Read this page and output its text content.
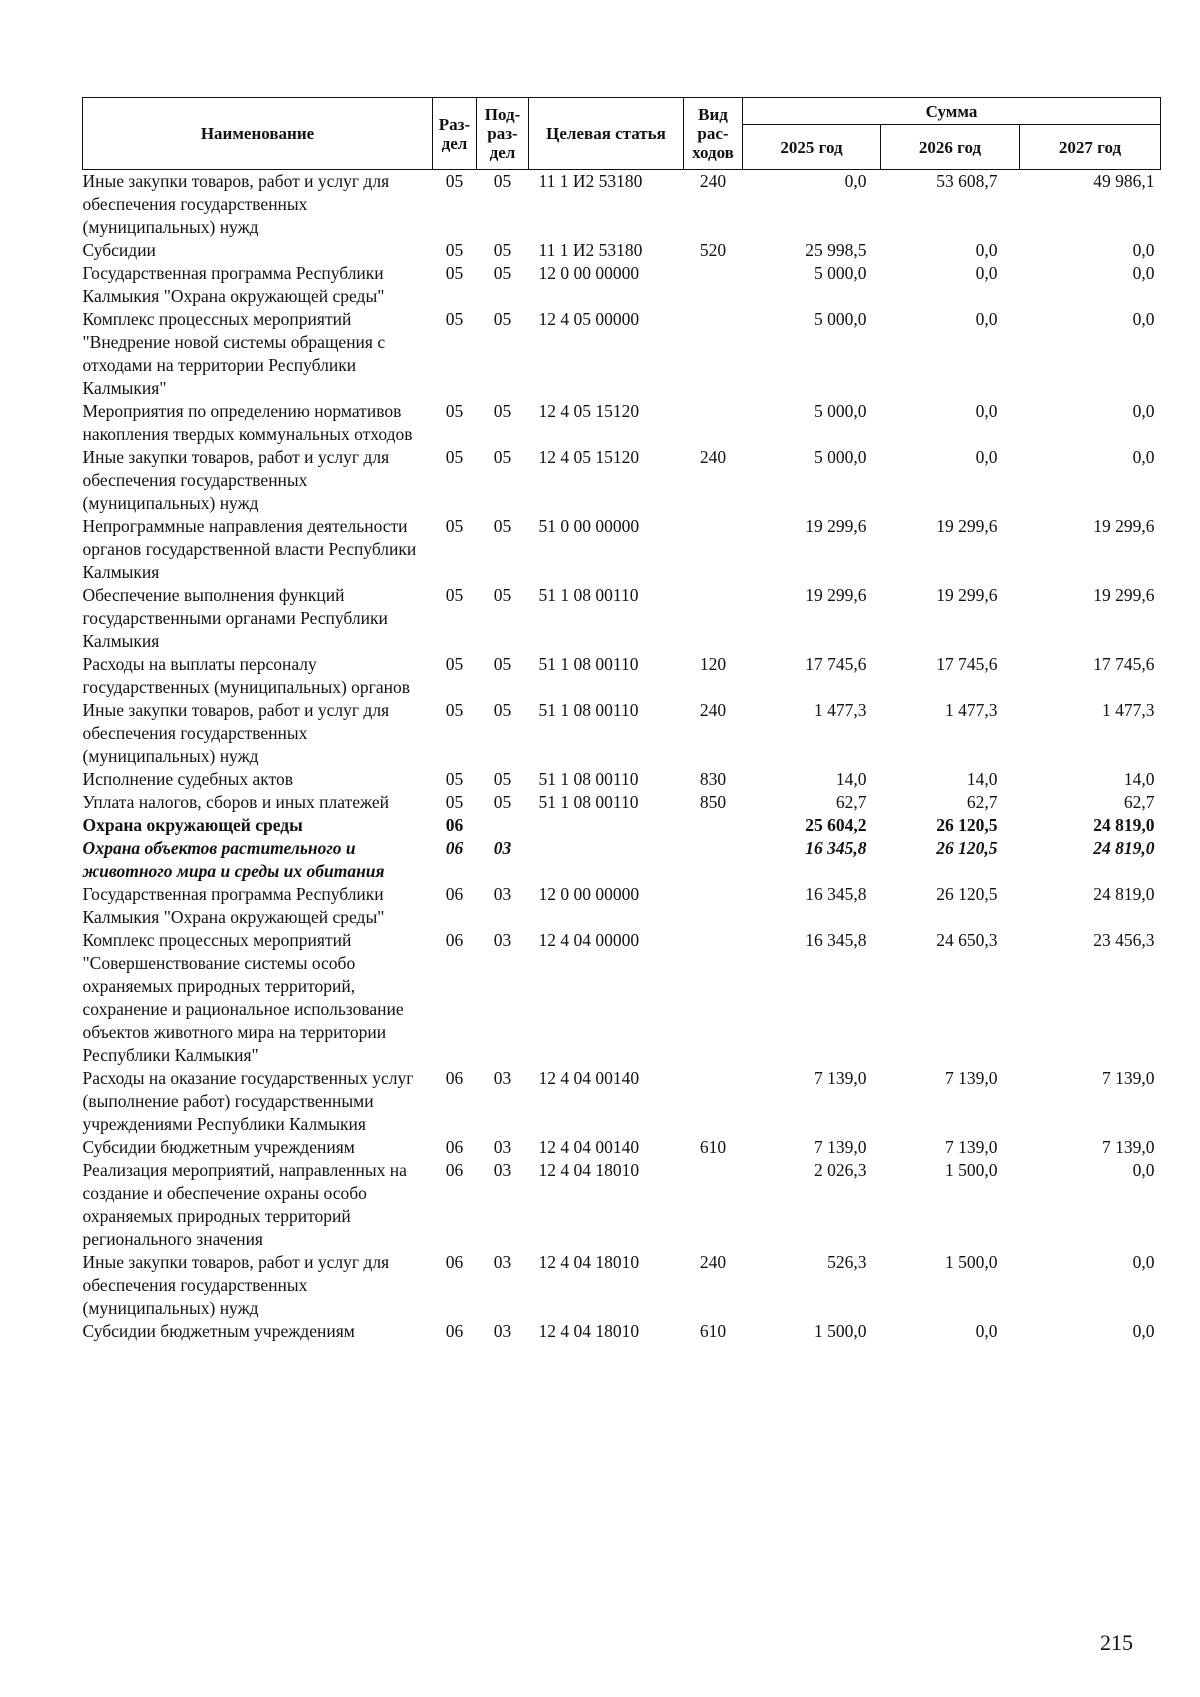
Наименование	Раз-дел	Под-раз-дел	Целевая статья	Вид рас-ходов	Сумма		
					2025 год	2026 год	2027 год
Иные закупки товаров, работ и услуг для обеспечения государственных (муниципальных) нужд	05	05	11 1 И2 53180	240	0,0	53 608,7	49 986,1
Субсидии	05	05	11 1 И2 53180	520	25 998,5	0,0	0,0
Государственная программа Республики Калмыкия "Охрана окружающей среды"	05	05	12 0 00 00000		5 000,0	0,0	0,0
Комплекс процессных мероприятий "Внедрение новой системы обращения с отходами на территории Республики Калмыкия"	05	05	12 4 05 00000		5 000,0	0,0	0,0
Мероприятия по определению нормативов накопления твердых коммунальных отходов	05	05	12 4 05 15120		5 000,0	0,0	0,0
Иные закупки товаров, работ и услуг для обеспечения государственных (муниципальных) нужд	05	05	12 4 05 15120	240	5 000,0	0,0	0,0
Непрограммные направления деятельности органов государственной власти Республики Калмыкия	05	05	51 0 00 00000		19 299,6	19 299,6	19 299,6
Обеспечение выполнения функций государственными органами Республики Калмыкия	05	05	51 1 08 00110		19 299,6	19 299,6	19 299,6
Расходы на выплаты персоналу государственных (муниципальных) органов	05	05	51 1 08 00110	120	17 745,6	17 745,6	17 745,6
Иные закупки товаров, работ и услуг для обеспечения государственных (муниципальных) нужд	05	05	51 1 08 00110	240	1 477,3	1 477,3	1 477,3
Исполнение судебных актов	05	05	51 1 08 00110	830	14,0	14,0	14,0
Уплата налогов, сборов и иных платежей	05	05	51 1 08 00110	850	62,7	62,7	62,7
Охрана окружающей среды	06				25 604,2	26 120,5	24 819,0
Охрана объектов растительного и животного мира и среды их обитания	06	03			16 345,8	26 120,5	24 819,0
Государственная программа Республики Калмыкия "Охрана окружающей среды"	06	03	12 0 00 00000		16 345,8	26 120,5	24 819,0
Комплекс процессных мероприятий "Совершенствование системы особо охраняемых природных территорий, сохранение и рациональное использование объектов животного мира на территории Республики Калмыкия"	06	03	12 4 04 00000		16 345,8	24 650,3	23 456,3
Расходы на оказание государственных услуг (выполнение работ) государственными учреждениями Республики Калмыкия	06	03	12 4 04 00140		7 139,0	7 139,0	7 139,0
Субсидии бюджетным учреждениям	06	03	12 4 04 00140	610	7 139,0	7 139,0	7 139,0
Реализация мероприятий, направленных на создание и обеспечение охраны особо охраняемых природных территорий регионального значения	06	03	12 4 04 18010		2 026,3	1 500,0	0,0
Иные закупки товаров, работ и услуг для обеспечения государственных (муниципальных) нужд	06	03	12 4 04 18010	240	526,3	1 500,0	0,0
Субсидии бюджетным учреждениям	06	03	12 4 04 18010	610	1 500,0	0,0	0,0
215
